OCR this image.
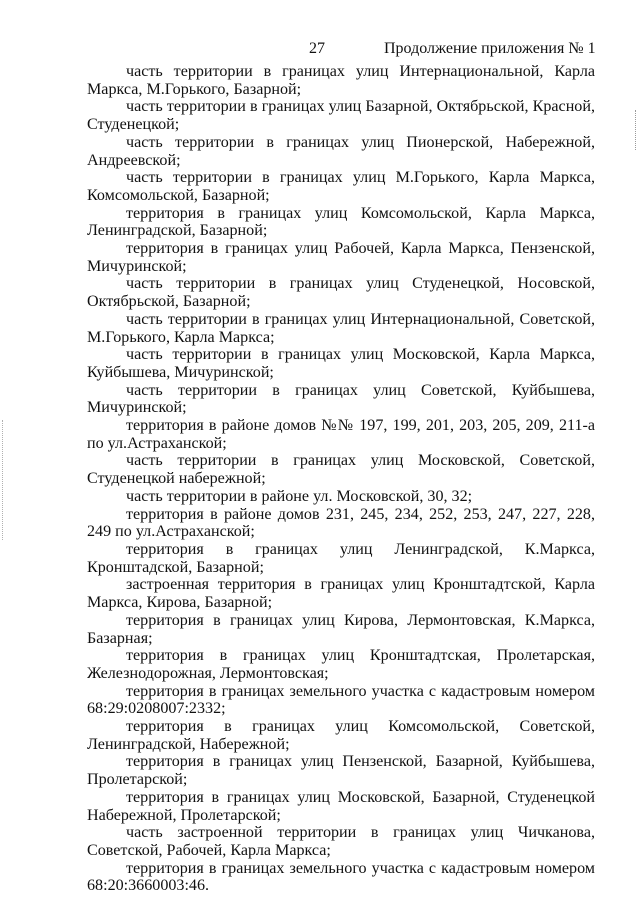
27	Продолжение приложения № 1

часть территории в границах улиц Интернациональной, Карла Маркса, М.Горького, Базарной;

часть территории в границах улиц Базарной, Октябрьской, Красной, Студенецкой;

часть территории в границах улиц Пионерской, Набережной, Андреевской;

часть территории в границах улиц М.Горького, Карла Маркса, Комсомольской, Базарной;

территория в границах улиц Комсомольской, Карла Маркса, Ленинградской, Базарной;

территория в границах улиц Рабочей, Карла Маркса, Пензенской, Мичуринской;

часть территории в границах улиц Студенецкой, Носовской, Октябрьской, Базарной;

часть территории в границах улиц Интернациональной, Советской, М.Горького, Карла Маркса;

часть территории в границах улиц Московской, Карла Маркса, Куйбышева, Мичуринской;

часть территории в границах улиц Советской, Куйбышева, Мичуринской;

территория в районе домов №№ 197, 199, 201, 203, 205, 209, 211-а по ул.Астраханской;

часть территории в границах улиц Московской, Советской, Студенецкой набережной;

часть территории в районе ул. Московской, 30, 32;

территория в районе домов 231, 245, 234, 252, 253, 247, 227, 228, 249 по ул.Астраханской;

территория в границах улиц Ленинградской, К.Маркса, Кронштадской, Базарной;

застроенная территория в границах улиц Кронштадтской, Карла Маркса, Кирова, Базарной;

территория в границах улиц Кирова, Лермонтовская, К.Маркса, Базарная;

территория в границах улиц Кронштадтская, Пролетарская, Железнодорожная, Лермонтовская;

территория в границах земельного участка с кадастровым номером 68:29:0208007:2332;

территория в границах улиц Комсомольской, Советской, Ленинградской, Набережной;

территория в границах улиц Пензенской, Базарной, Куйбышева, Пролетарской;

территория в границах улиц Московской, Базарной, Студенецкой Набережной, Пролетарской;

часть застроенной территории в границах улиц Чичканова, Советской, Рабочей, Карла Маркса;

территория в границах земельного участка с кадастровым номером 68:20:3660003:46.
